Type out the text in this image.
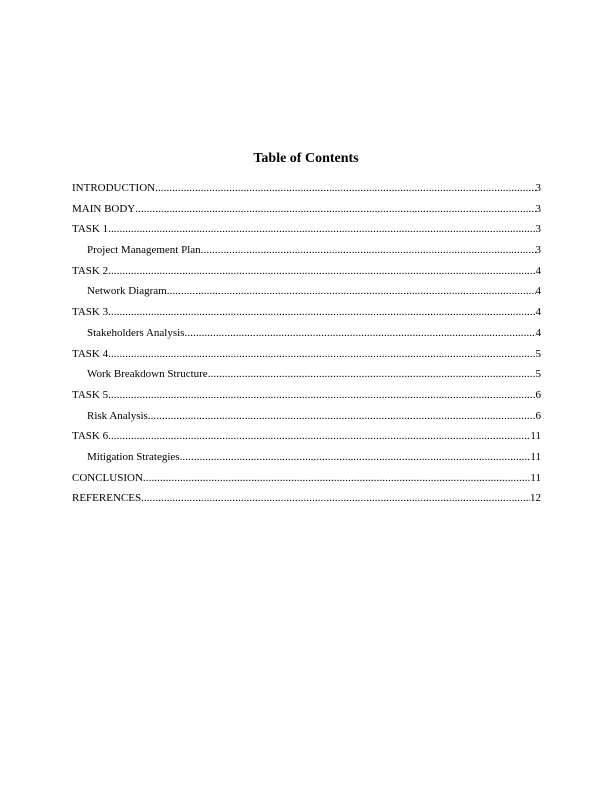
Table of Contents
INTRODUCTION .....	3
MAIN BODY .....	3
TASK 1 .....	3
Project Management Plan .....	3
TASK 2 .....	4
Network Diagram .....	4
TASK 3 .....	4
Stakeholders Analysis .....	4
TASK 4 .....	5
Work Breakdown Structure .....	5
TASK 5 .....	6
Risk Analysis .....	6
TASK 6 .....	11
Mitigation Strategies .....	11
CONCLUSION .....	11
REFERENCES .....	12
